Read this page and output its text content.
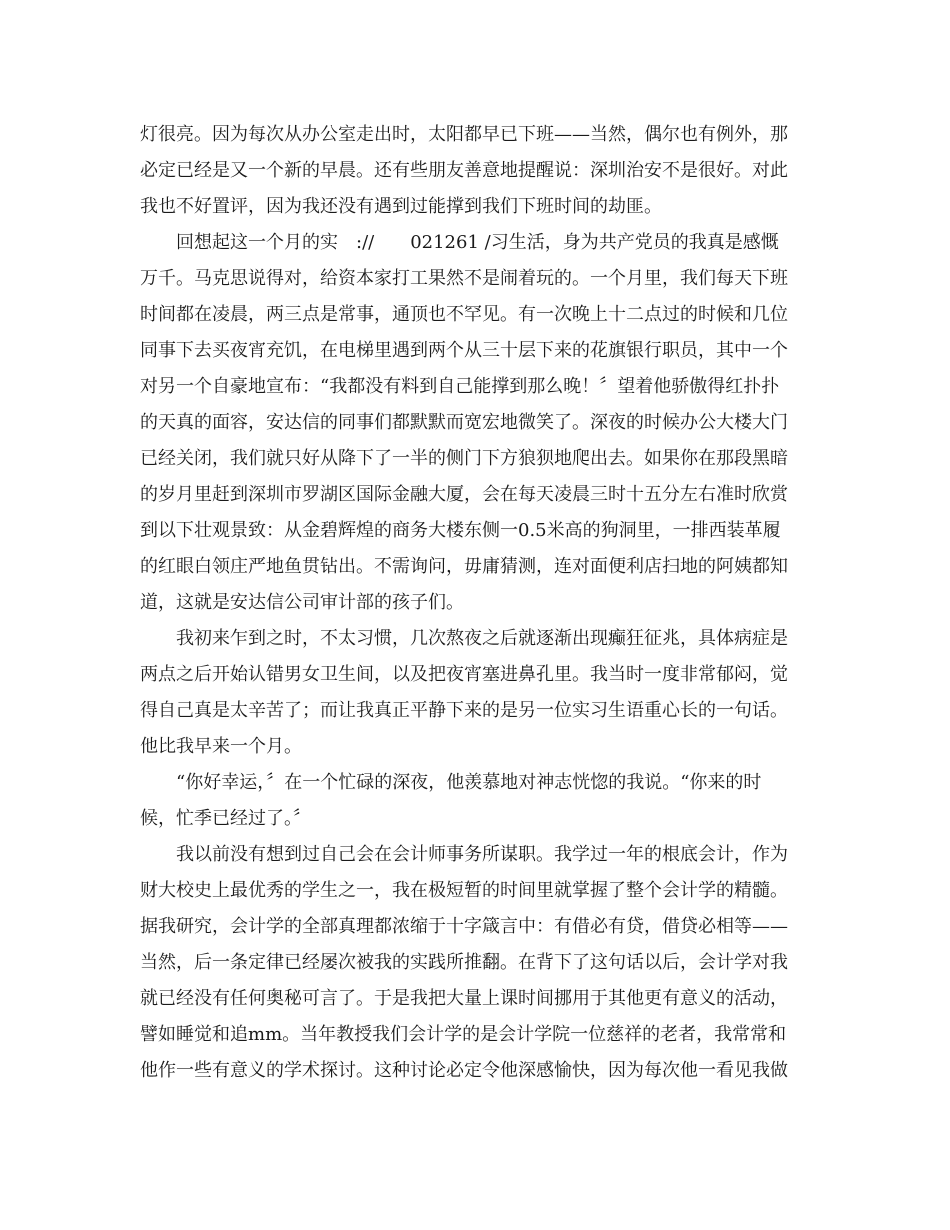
灯很亮。因为每次从办公室走出时，太阳都早已下班——当然，偶尔也有例外，那
必定已经是又一个新的早晨。还有些朋友善意地提醒说：深圳治安不是很好。对此
我也不好置评，因为我还没有遇到过能撑到我们下班时间的劫匪。
回想起这一个月的实　://　　021261 /习生活，身为共产党员的我真是感慨
万千。马克思说得对，给资本家打工果然不是闹着玩的。一个月里，我们每天下班
时间都在凌晨，两三点是常事，通顶也不罕见。有一次晚上十二点过的时候和几位
同事下去买夜宵充饥，在电梯里遇到两个从三十层下来的花旗银行职员，其中一个
对另一个自豪地宣布：“我都没有料到自己能撑到那么晚！〞望着他骄傲得红扑扑
的天真的面容，安达信的同事们都默默而宽宏地微笑了。深夜的时候办公大楼大门
已经关闭，我们就只好从降下了一半的侧门下方狼狈地爬出去。如果你在那段黑暗
的岁月里赶到深圳市罗湖区国际金融大厦，会在每天凌晨三时十五分左右准时欣赏
到以下壮观景致：从金碧辉煌的商务大楼东侧一0.5米高的狗洞里，一排西装革履
的红眼白领庄严地鱼贯钻出。不需询问，毋庸猜测，连对面便利店扫地的阿姨都知
道，这就是安达信公司审计部的孩子们。
我初来乍到之时，不太习惯，几次熬夜之后就逐渐出现癫狂征兆，具体病症是
两点之后开始认错男女卫生间，以及把夜宵塞进鼻孔里。我当时一度非常郁闷，觉
得自己真是太辛苦了；而让我真正平静下来的是另一位实习生语重心长的一句话。
他比我早来一个月。
“你好幸运，〞在一个忙碌的深夜，他羡慕地对神志恍惚的我说。“你来的时
候，忙季已经过了。〞
我以前没有想到过自己会在会计师事务所谋职。我学过一年的根底会计，作为
财大校史上最优秀的学生之一，我在极短暂的时间里就掌握了整个会计学的精髓。
据我研究，会计学的全部真理都浓缩于十字箴言中：有借必有贷，借贷必相等——
当然，后一条定律已经屡次被我的实践所推翻。在背下了这句话以后，会计学对我
就已经没有任何奥秘可言了。于是我把大量上课时间挪用于其他更有意义的活动，
譬如睡觉和追mm。当年教授我们会计学的是会计学院一位慈祥的老者，我常常和
他作一些有意义的学术探讨。这种讨论必定令他深感愉快，因为每次他一看见我做
